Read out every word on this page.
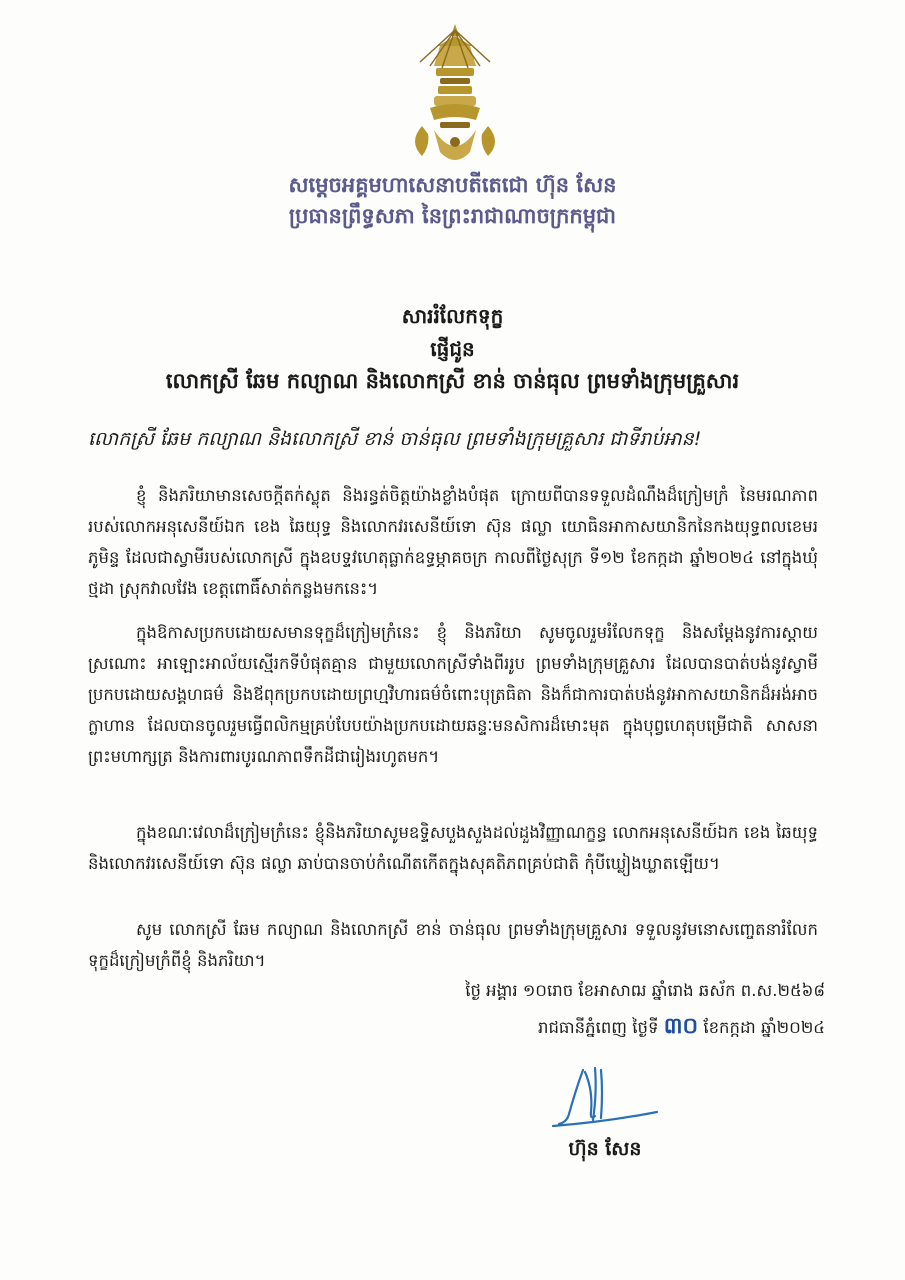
សម្តេចអគ្គមហាសេនាបតីតេជោ ហ៊ុន សែន
ប្រធានព្រឹទ្ធសភា នៃព្រះរាជាណាចក្រកម្ពុជា
សាររំលែកទុក្ខ
ផ្ញើជូន
លោកស្រី ឆែម កល្យាណ និងលោកស្រី ខាន់ ចាន់ធុល ព្រមទាំងក្រុមគ្រួសារ
លោកស្រី ឆែម កល្យាណ និងលោកស្រី ខាន់ ចាន់ធុល ព្រមទាំងក្រុមគ្រួសារ ជាទីរាប់អាន!

ខ្ញុំ និងភរិយាមានសេចក្តីតក់ស្លុត និងរន្ធត់ចិត្តយ៉ាងខ្លាំងបំផុត ក្រោយពីបានទទួលដំណឹងដ៏ក្រៀមក្រំ នៃមរណភាពរបស់លោកអនុសេនីយ៍ឯក ខេង ឆៃយុទ្ធ និងលោកវរសេនីយ៍ទោ ស៊ុន ផល្លា យោធិនអាកាសយានិកនៃកងយុទ្ធពលខេមរភូមិន្ទ ដែលជាស្វាមីរបស់លោកស្រី ក្នុងឧបទ្ទវហេតុធ្លាក់ឧទ្ធម្ភាគចក្រ កាលពីថ្ងៃសុក្រ ទី១២ ខែកក្កដា ឆ្នាំ២០២៤ នៅក្នុងឃុំថ្មដា ស្រុកវាលវែង ខេត្តពោធិ៍សាត់កន្លងមកនេះ។

ក្នុងឱកាសប្រកបដោយសមានទុក្ខដ៏ក្រៀមក្រំនេះ ខ្ញុំ និងភរិយា សូមចូលរួមរំលែកទុក្ខ និងសម្តែងនូវការស្តាយស្រណោះ អាឡោះអាល័យស្មើរកទីបំផុតគ្មាន ជាមួយលោកស្រីទាំងពីររូប ព្រមទាំងក្រុមគ្រួសារ ដែលបានបាត់បង់នូវស្វាមីប្រកបដោយសង្គហធម៌ និងឪពុកប្រកបដោយព្រហ្មវិហារធម៌ចំពោះបុត្រធិតា និងក៏ជាការបាត់បង់នូវអាកាសយានិកដ៏អង់អាចក្លាហាន ដែលបានចូលរួមធ្វើពលិកម្មគ្រប់បែបយ៉ាងប្រកបដោយឆន្ទៈមនសិការដ៏មោះមុត ក្នុងបុព្វហេតុបម្រើជាតិ សាសនា ព្រះមហាក្សត្រ និងការពារបូរណភាពទឹកដីជារៀងរហូតមក។

ក្នុងខណៈវេលាដ៏ក្រៀមក្រំនេះ ខ្ញុំនិងភរិយាសូមឧទ្ទិសបួងសួងដល់ដួងវិញ្ញាណក្ខន្ធ លោកអនុសេនីយ៍ឯក ខេង ឆៃយុទ្ធ និងលោកវរសេនីយ៍ទោ ស៊ុន ផល្លា ឆាប់បានចាប់កំណើតកើតក្នុងសុគតិភពគ្រប់ជាតិ កុំបីឃ្លៀងឃ្លាតឡើយ។

សូម លោកស្រី ឆែម កល្យាណ និងលោកស្រី ខាន់ ចាន់ធុល ព្រមទាំងក្រុមគ្រួសារ ទទួលនូវមនោសញ្ចេតនារំលែកទុក្ខដ៏ក្រៀមក្រំពីខ្ញុំ និងភរិយា។

ថ្ងៃ អង្គារ ១០រោច ខែអាសាឍ ឆ្នាំរោង ឆស័ក ព.ស.២៥៦៨
រាជធានីភ្នំពេញ ថ្ងៃទី ៣០ ខែកក្កដា ឆ្នាំ២០២៤
ហ៊ុន សែន
